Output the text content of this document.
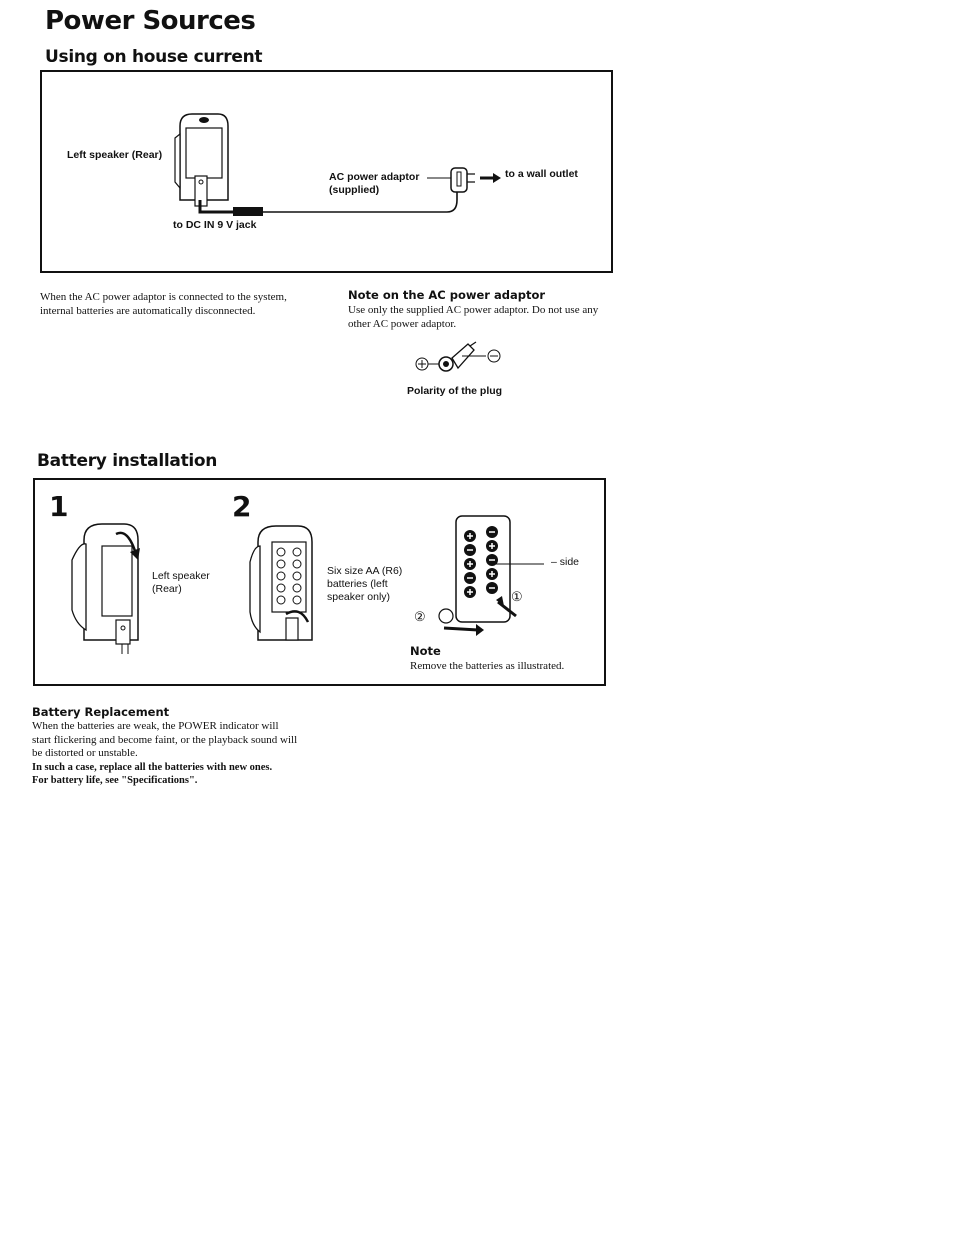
Power Sources
Using on house current
Left speaker (Rear)
to DC IN 9 V jack
AC power adaptor
(supplied)
to a wall outlet
When the AC power adaptor is connected to the system, internal batteries are automatically disconnected.
Note on the AC power adaptor
Use only the supplied AC power adaptor. Do not use any other AC power adaptor.
Polarity of the plug
Battery installation
1	2
Left speaker
(Rear)
Six size AA (R6)
batteries (left
speaker only)
– side
①
②
Note
Remove the batteries as illustrated.
Battery Replacement
When the batteries are weak, the POWER indicator will start flickering and become faint, or the playback sound will be distorted or unstable.
In such a case, replace all the batteries with new ones.
For battery life, see "Specifications".
